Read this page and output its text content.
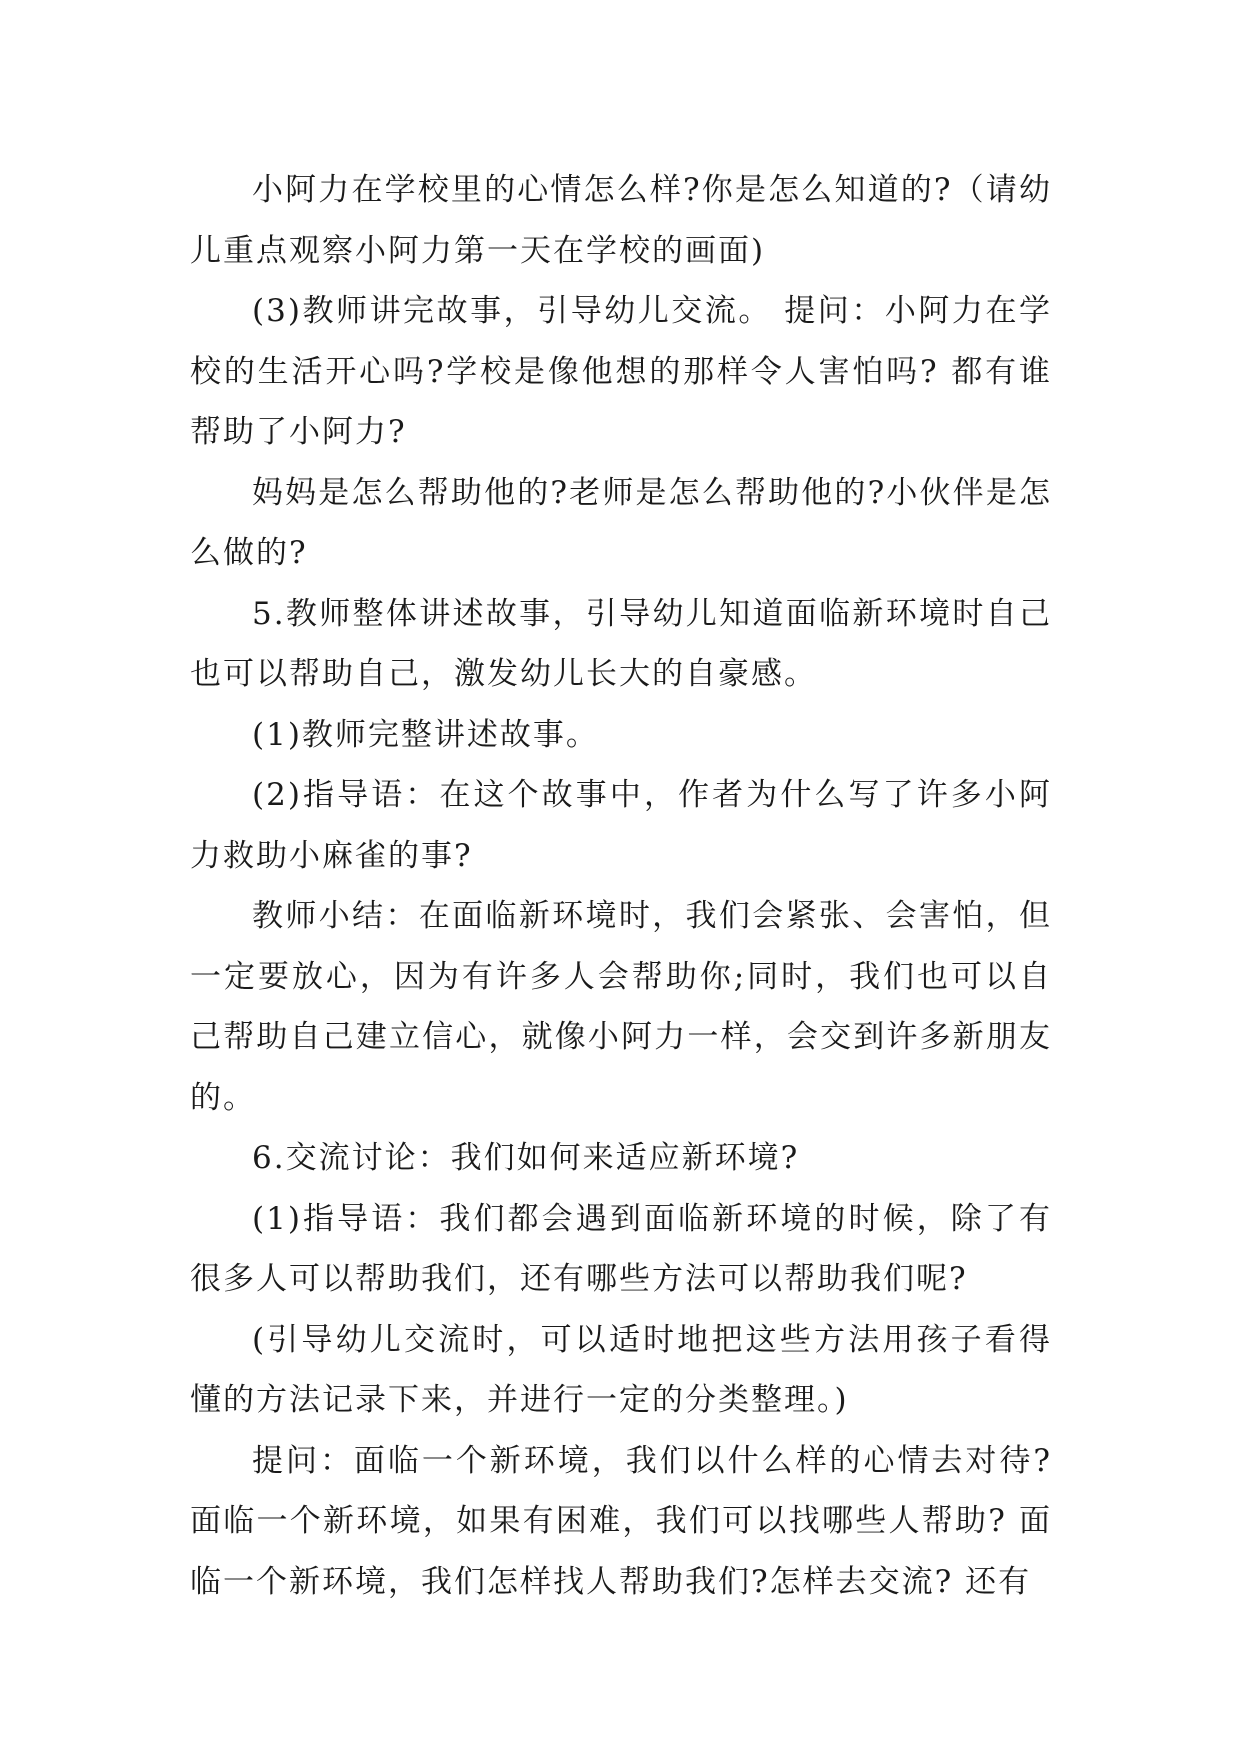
小阿力在学校里的心情怎么样?你是怎么知道的?（请幼儿重点观察小阿力第一天在学校的画面)

(3)教师讲完故事，引导幼儿交流。 提问：小阿力在学校的生活开心吗?学校是像他想的那样令人害怕吗? 都有谁帮助了小阿力?

妈妈是怎么帮助他的?老师是怎么帮助他的?小伙伴是怎么做的?

5.教师整体讲述故事，引导幼儿知道面临新环境时自己也可以帮助自己，激发幼儿长大的自豪感。

(1)教师完整讲述故事。

(2)指导语：在这个故事中，作者为什么写了许多小阿力救助小麻雀的事?

教师小结：在面临新环境时，我们会紧张、会害怕，但一定要放心，因为有许多人会帮助你;同时，我们也可以自己帮助自己建立信心，就像小阿力一样，会交到许多新朋友的。

6.交流讨论：我们如何来适应新环境?

(1)指导语：我们都会遇到面临新环境的时候，除了有很多人可以帮助我们，还有哪些方法可以帮助我们呢?

(引导幼儿交流时，可以适时地把这些方法用孩子看得懂的方法记录下来，并进行一定的分类整理。)

提问：面临一个新环境，我们以什么样的心情去对待?面临一个新环境，如果有困难，我们可以找哪些人帮助? 面临一个新环境，我们怎样找人帮助我们?怎样去交流? 还有
